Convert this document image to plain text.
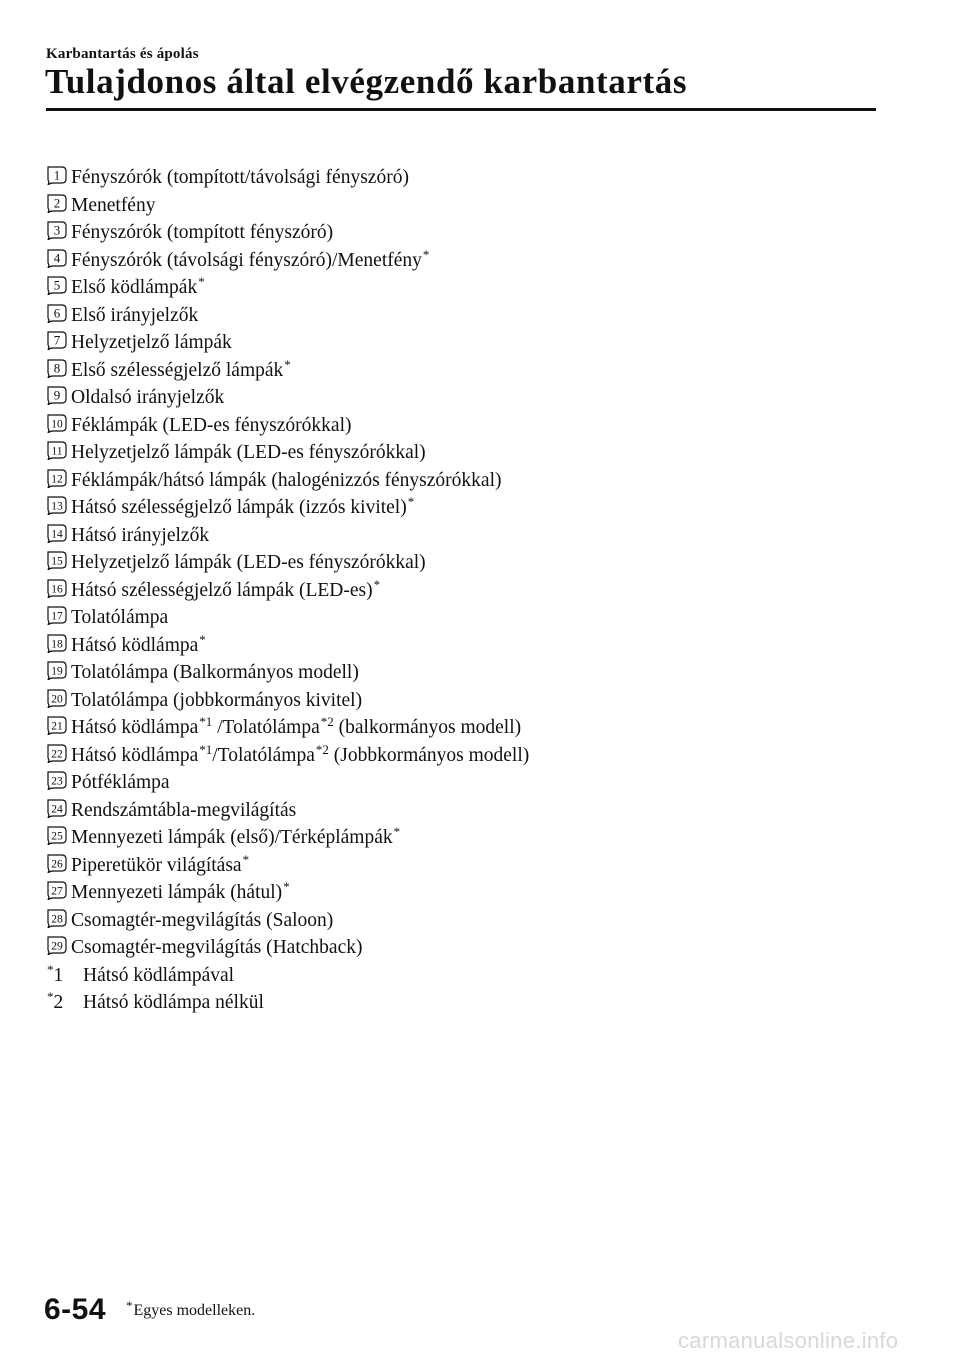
Karbantartás és ápolás
Tulajdonos által elvégzendő karbantartás
1 Fényszórók (tompított/távolsági fényszóró)
2 Menetfény
3 Fényszórók (tompított fényszóró)
4 Fényszórók (távolsági fényszóró)/Menetfény*
5 Első ködlámpák*
6 Első irányjelzők
7 Helyzetjelző lámpák
8 Első szélességjelző lámpák*
9 Oldalsó irányjelzők
10 Féklámpák (LED-es fényszórókkal)
11 Helyzetjelző lámpák (LED-es fényszórókkal)
12 Féklámpák/hátsó lámpák (halogénizzós fényszórókkal)
13 Hátsó szélességjelző lámpák (izzós kivitel)*
14 Hátsó irányjelzők
15 Helyzetjelző lámpák (LED-es fényszórókkal)
16 Hátsó szélességjelző lámpák (LED-es)*
17 Tolatólámpa
18 Hátsó ködlámpa*
19 Tolatólámpa (Balkormányos modell)
20 Tolatólámpa (jobbkormányos kivitel)
21 Hátsó ködlámpa$^{*1}$ /Tolatólámpa$^{*2}$ (balkormányos modell)
22 Hátsó ködlámpa$^{*1}$/Tolatólámpa$^{*2}$ (Jobbkormányos modell)
23 Pótféklámpa
24 Rendszámtábla-megvilágítás
25 Mennyezeti lámpák (első)/Térképlámpák*
26 Piperetükör világítása*
27 Mennyezeti lámpák (hátul)*
28 Csomagtér-megvilágítás (Saloon)
29 Csomagtér-megvilágítás (Hatchback)
*1 Hátsó ködlámpával
*2 Hátsó ködlámpa nélkül
6-54 *Egyes modelleken.
carmanualsonline.info
